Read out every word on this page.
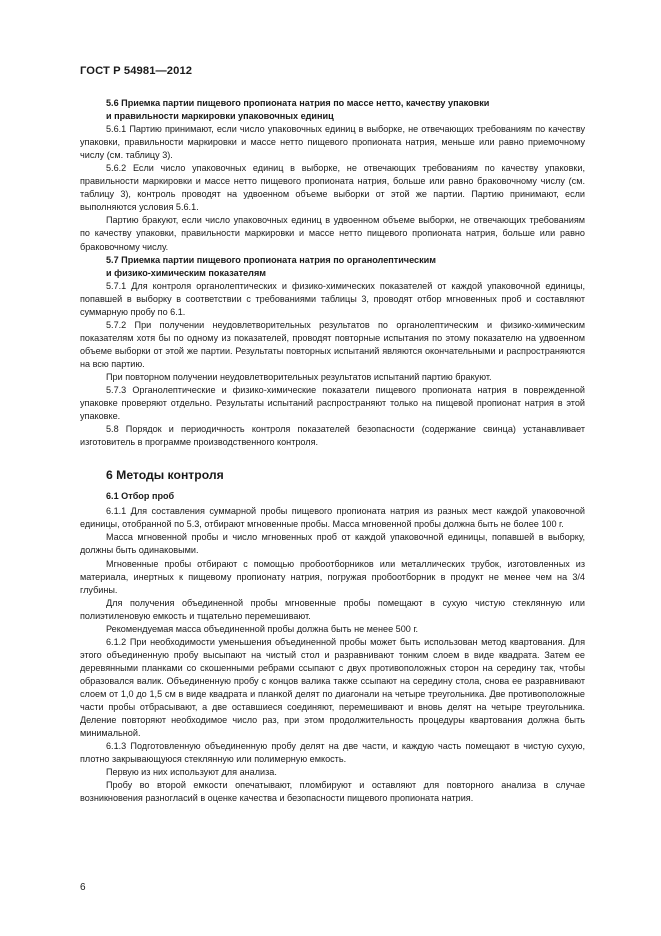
ГОСТ Р 54981—2012
5.6 Приемка партии пищевого пропионата натрия по массе нетто, качеству упаковки
и правильности маркировки упаковочных единиц

5.6.1 Партию принимают, если число упаковочных единиц в выборке, не отвечающих требованиям по качеству упаковки, правильности маркировки и массе нетто пищевого пропионата натрия, меньше или равно приемочному числу (см. таблицу 3).

5.6.2 Если число упаковочных единиц в выборке, не отвечающих требованиям по качеству упаковки, правильности маркировки и массе нетто пищевого пропионата натрия, больше или равно браковочному числу (см. таблицу 3), контроль проводят на удвоенном объеме выборки от этой же партии. Партию принимают, если выполняются условия 5.6.1.

Партию бракуют, если число упаковочных единиц в удвоенном объеме выборки, не отвечающих требованиям по качеству упаковки, правильности маркировки и массе нетто пищевого пропионата натрия, больше или равно браковочному числу.

5.7 Приемка партии пищевого пропионата натрия по органолептическим
и физико-химическим показателям

5.7.1 Для контроля органолептических и физико-химических показателей от каждой упаковочной единицы, попавшей в выборку в соответствии с требованиями таблицы 3, проводят отбор мгновенных проб и составляют суммарную пробу по 6.1.

5.7.2 При получении неудовлетворительных результатов по органолептическим и физико-химическим показателям хотя бы по одному из показателей, проводят повторные испытания по этому показателю на удвоенном объеме выборки от этой же партии. Результаты повторных испытаний являются окончательными и распространяются на всю партию.

При повторном получении неудовлетворительных результатов испытаний партию бракуют.

5.7.3 Органолептические и физико-химические показатели пищевого пропионата натрия в поврежденной упаковке проверяют отдельно. Результаты испытаний распространяют только на пищевой пропионат натрия в этой упаковке.

5.8 Порядок и периодичность контроля показателей безопасности (содержание свинца) устанавливает изготовитель в программе производственного контроля.

6 Методы контроля
6.1 Отбор проб

6.1.1 Для составления суммарной пробы пищевого пропионата натрия из разных мест каждой упаковочной единицы, отобранной по 5.3, отбирают мгновенные пробы. Масса мгновенной пробы должна быть не более 100 г.

Масса мгновенной пробы и число мгновенных проб от каждой упаковочной единицы, попавшей в выборку, должны быть одинаковыми.

Мгновенные пробы отбирают с помощью пробоотборников или металлических трубок, изготовленных из материала, инертных к пищевому пропионату натрия, погружая пробоотборник в продукт не менее чем на 3/4 глубины.

Для получения объединенной пробы мгновенные пробы помещают в сухую чистую стеклянную или полиэтиленовую емкость и тщательно перемешивают.

Рекомендуемая масса объединенной пробы должна быть не менее 500 г.

6.1.2 При необходимости уменьшения объединенной пробы может быть использован метод квартования. Для этого объединенную пробу высыпают на чистый стол и разравнивают тонким слоем в виде квадрата. Затем ее деревянными планками со скошенными ребрами ссыпают с двух противоположных сторон на середину так, чтобы образовался валик. Объединенную пробу с концов валика также ссыпают на середину стола, снова ее разравнивают слоем от 1,0 до 1,5 см в виде квадрата и планкой делят по диагонали на четыре треугольника. Две противоположные части пробы отбрасывают, а две оставшиеся соединяют, перемешивают и вновь делят на четыре треугольника. Деление повторяют необходимое число раз, при этом продолжительность процедуры квартования должна быть минимальной.

6.1.3 Подготовленную объединенную пробу делят на две части, и каждую часть помещают в чистую сухую, плотно закрывающуюся стеклянную или полимерную емкость.

Первую из них используют для анализа.

Пробу во второй емкости опечатывают, пломбируют и оставляют для повторного анализа в случае возникновения разногласий в оценке качества и безопасности пищевого пропионата натрия.

6
